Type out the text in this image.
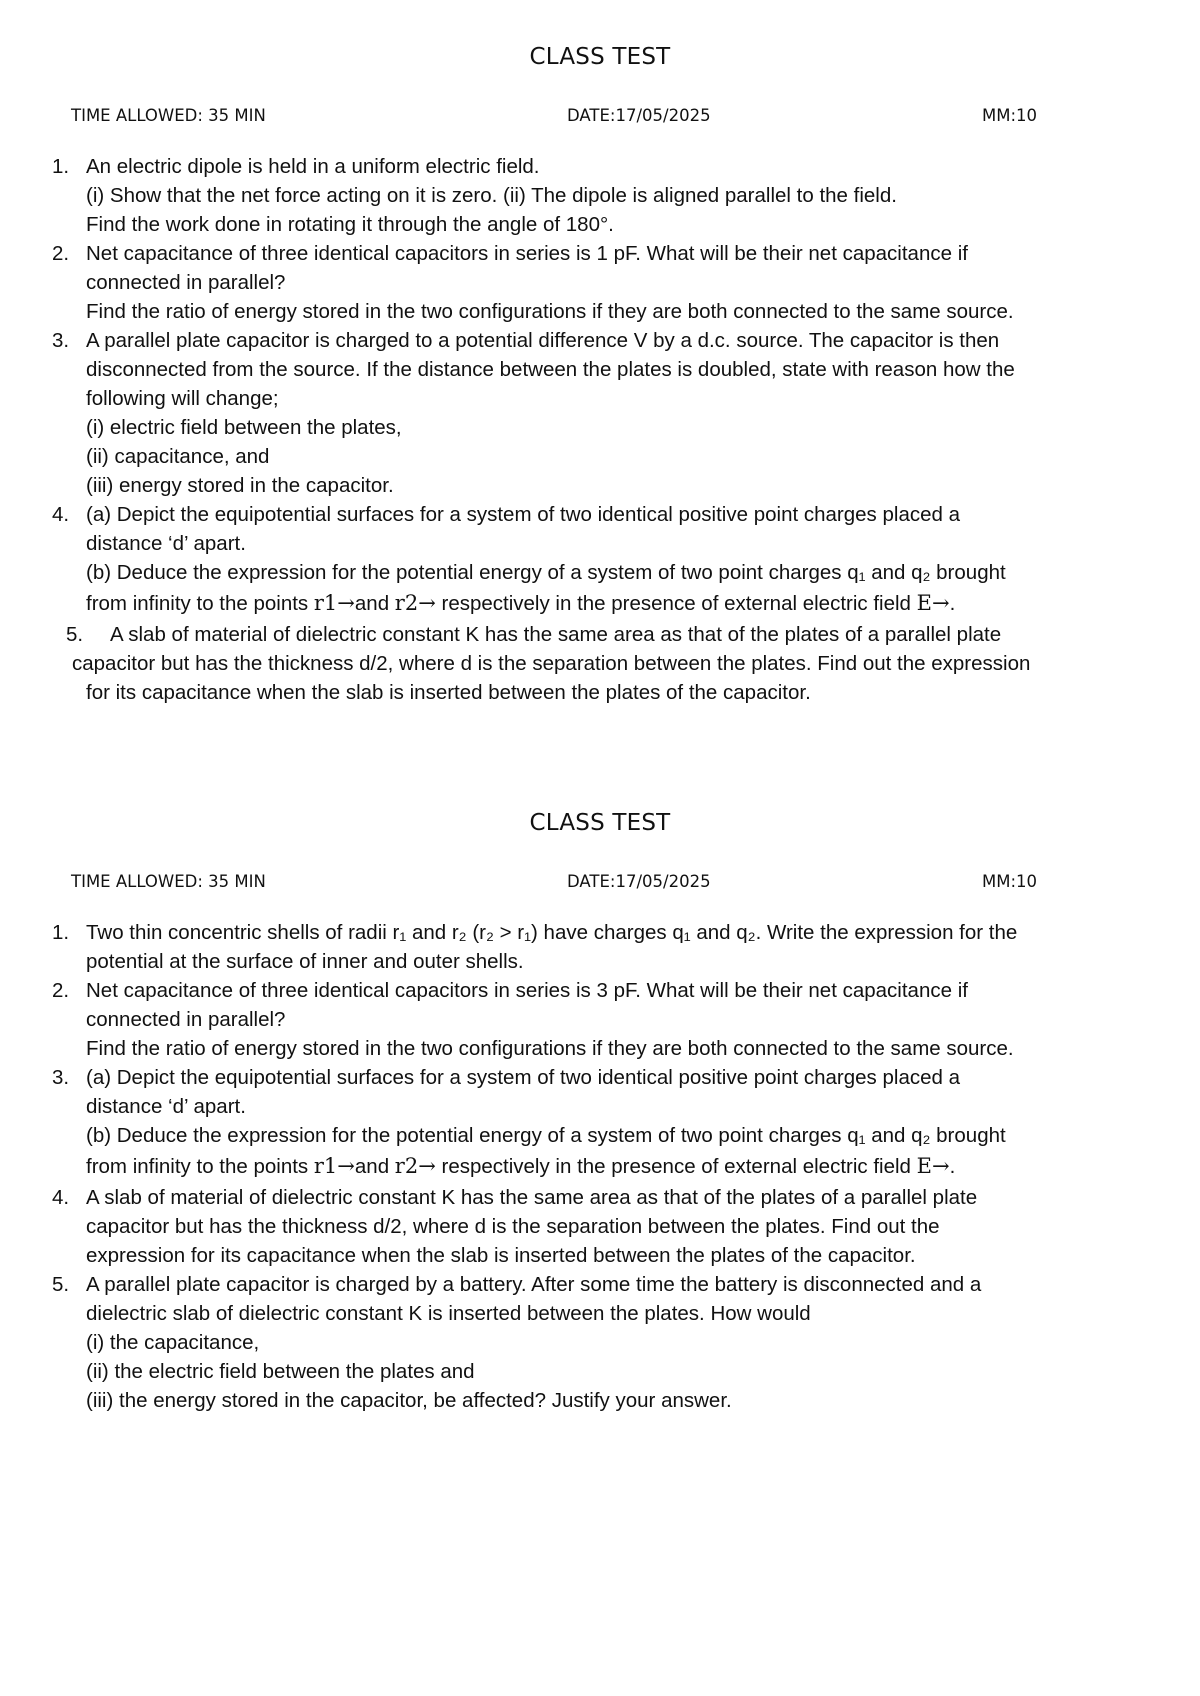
CLASS TEST
TIME ALLOWED: 35 MIN	DATE:17/05/2025	MM:10
1. An electric dipole is held in a uniform electric field.
(i) Show that the net force acting on it is zero. (ii) The dipole is aligned parallel to the field.
Find the work done in rotating it through the angle of 180°.
2. Net capacitance of three identical capacitors in series is 1 pF. What will be their net capacitance if
connected in parallel?
Find the ratio of energy stored in the two configurations if they are both connected to the same source.
3. A parallel plate capacitor is charged to a potential difference V by a d.c. source. The capacitor is then
disconnected from the source. If the distance between the plates is doubled, state with reason how the
following will change;
(i) electric field between the plates,
(ii) capacitance, and
(iii) energy stored in the capacitor.
4. (a) Depict the equipotential surfaces for a system of two identical positive point charges placed a
distance ‘d’ apart.
(b) Deduce the expression for the potential energy of a system of two point charges q₁ and q₂ brought
from infinity to the points r1→and r2→ respectively in the presence of external electric field E→.
5.	A slab of material of dielectric constant K has the same area as that of the plates of a parallel plate
capacitor but has the thickness d/2, where d is the separation between the plates. Find out the expression
for its capacitance when the slab is inserted between the plates of the capacitor.
CLASS TEST
TIME ALLOWED: 35 MIN	DATE:17/05/2025	MM:10
1. Two thin concentric shells of radii r₁ and r₂ (r₂ > r₁) have charges q₁ and q₂. Write the expression for the
potential at the surface of inner and outer shells.
2. Net capacitance of three identical capacitors in series is 3 pF. What will be their net capacitance if
connected in parallel?
Find the ratio of energy stored in the two configurations if they are both connected to the same source.
3. (a) Depict the equipotential surfaces for a system of two identical positive point charges placed a
distance ‘d’ apart.
(b) Deduce the expression for the potential energy of a system of two point charges q₁ and q₂ brought
from infinity to the points r1→and r2→ respectively in the presence of external electric field E→.
4. A slab of material of dielectric constant K has the same area as that of the plates of a parallel plate
capacitor but has the thickness d/2, where d is the separation between the plates. Find out the
expression for its capacitance when the slab is inserted between the plates of the capacitor.
5. A parallel plate capacitor is charged by a battery. After some time the battery is disconnected and a
dielectric slab of dielectric constant K is inserted between the plates. How would
(i) the capacitance,
(ii) the electric field between the plates and
(iii) the energy stored in the capacitor, be affected? Justify your answer.
